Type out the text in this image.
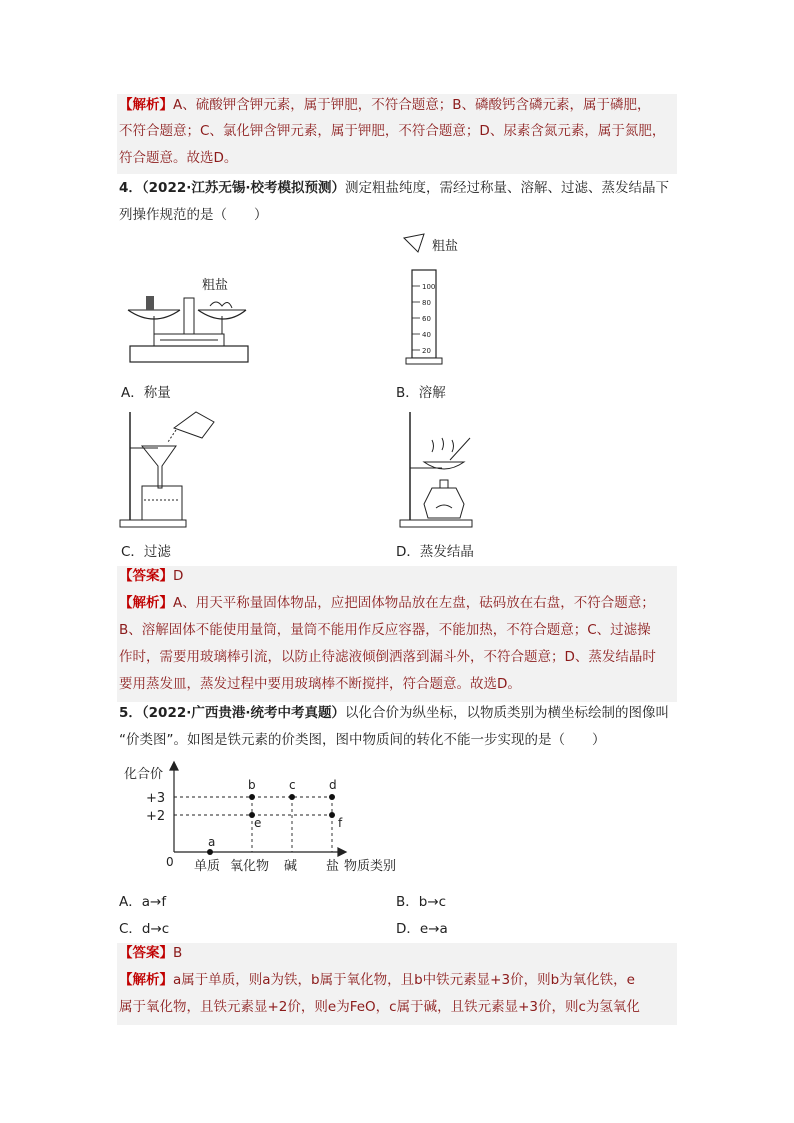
【解析】A、硫酸钾含钾元素，属于钾肥，不符合题意；B、磷酸钙含磷元素，属于磷肥，
不符合题意；C、氯化钾含钾元素，属于钾肥，不符合题意；D、尿素含氮元素，属于氮肥，
符合题意。故选D。
4．（2022·江苏无锡·校考模拟预测）测定粗盐纯度，需经过称量、溶解、过滤、蒸发结晶下
列操作规范的是（　　）
粗盐
A．称量
粗盐
100
80
60
40
20
B．溶解
C．过滤	D．蒸发结晶
【答案】D
【解析】A、用天平称量固体物品，应把固体物品放在左盘，砝码放在右盘，不符合题意；
B、溶解固体不能使用量筒，量筒不能用作反应容器，不能加热，不符合题意；C、过滤操
作时，需要用玻璃棒引流，以防止待滤液倾倒洒落到漏斗外，不符合题意；D、蒸发结晶时
要用蒸发皿，蒸发过程中要用玻璃棒不断搅拌，符合题意。故选D。
5．（2022·广西贵港·统考中考真题）以化合价为纵坐标，以物质类别为横坐标绘制的图像叫
“价类图”。如图是铁元素的价类图，图中物质间的转化不能一步实现的是（　　）
化合价
+3
+2
0
a
b
e
c	d
f
单质 氧化物 碱 盐 物质类别
A．a→f	B．b→c
C．d→c	D．e→a
【答案】B
【解析】a属于单质，则a为铁，b属于氧化物，且b中铁元素显+3价，则b为氧化铁，e
属于氧化物，且铁元素显+2价，则e为FeO，c属于碱，且铁元素显+3价，则c为氢氧化
